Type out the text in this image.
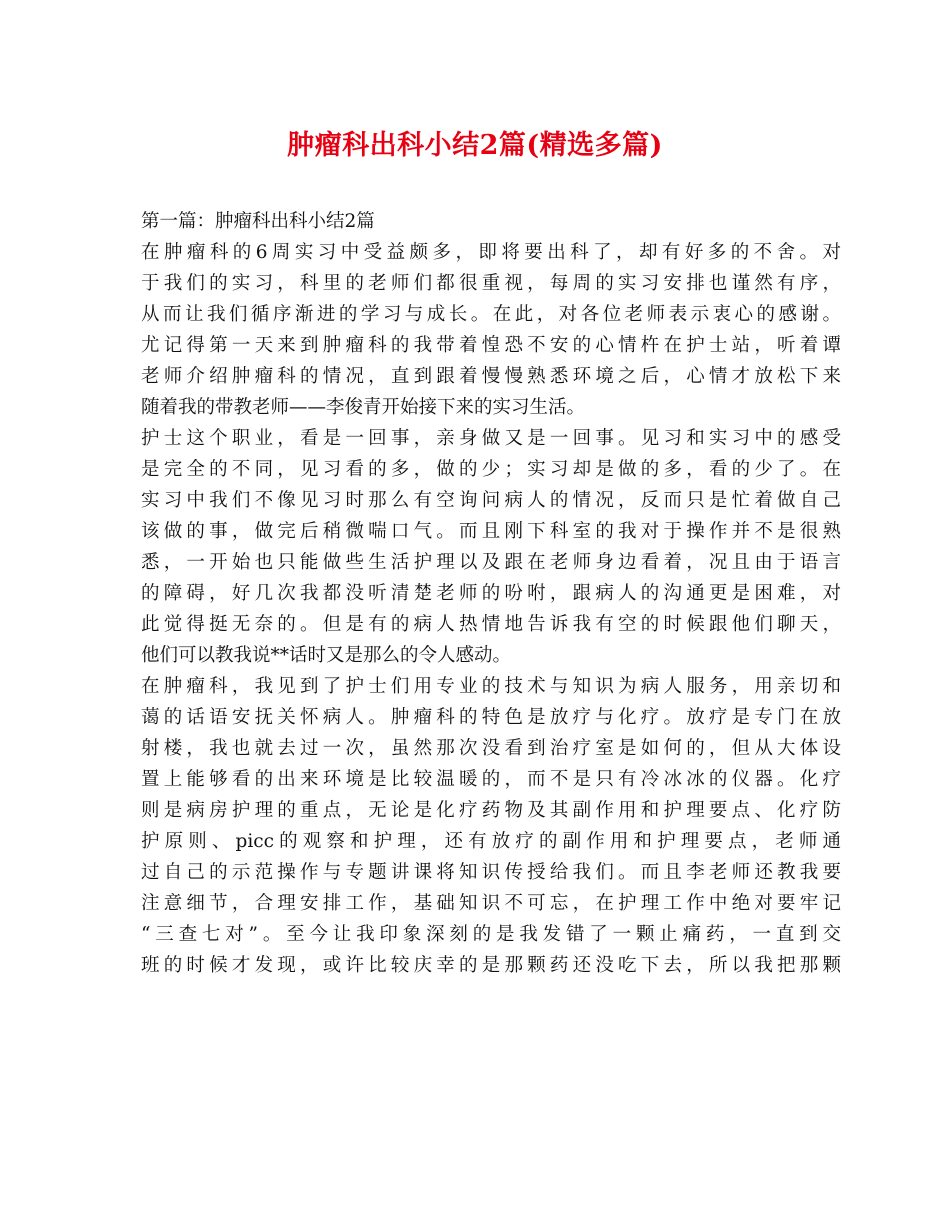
肿瘤科出科小结2篇(精选多篇)
第一篇：肿瘤科出科小结2篇
在肿瘤科的6周实习中受益颇多，即将要出科了，却有好多的不舍。对
于我们的实习，科里的老师们都很重视，每周的实习安排也谨然有序，
从而让我们循序渐进的学习与成长。在此，对各位老师表示衷心的感谢。
尤记得第一天来到肿瘤科的我带着惶恐不安的心情杵在护士站，听着谭
老师介绍肿瘤科的情况，直到跟着慢慢熟悉环境之后，心情才放松下来
随着我的带教老师——李俊青开始接下来的实习生活。
护士这个职业，看是一回事，亲身做又是一回事。见习和实习中的感受
是完全的不同，见习看的多，做的少；实习却是做的多，看的少了。在
实习中我们不像见习时那么有空询问病人的情况，反而只是忙着做自己
该做的事，做完后稍微喘口气。而且刚下科室的我对于操作并不是很熟
悉，一开始也只能做些生活护理以及跟在老师身边看着，况且由于语言
的障碍，好几次我都没听清楚老师的吩咐，跟病人的沟通更是困难，对
此觉得挺无奈的。但是有的病人热情地告诉我有空的时候跟他们聊天，
他们可以教我说**话时又是那么的令人感动。
在肿瘤科，我见到了护士们用专业的技术与知识为病人服务，用亲切和
蔼的话语安抚关怀病人。肿瘤科的特色是放疗与化疗。放疗是专门在放
射楼，我也就去过一次，虽然那次没看到治疗室是如何的，但从大体设
置上能够看的出来环境是比较温暖的，而不是只有冷冰冰的仪器。化疗
则是病房护理的重点，无论是化疗药物及其副作用和护理要点、化疗防
护原则、picc的观察和护理，还有放疗的副作用和护理要点，老师通
过自己的示范操作与专题讲课将知识传授给我们。而且李老师还教我要
注意细节，合理安排工作，基础知识不可忘，在护理工作中绝对要牢记
“三查七对”。至今让我印象深刻的是我发错了一颗止痛药，一直到交
班的时候才发现，或许比较庆幸的是那颗药还没吃下去，所以我把那颗
